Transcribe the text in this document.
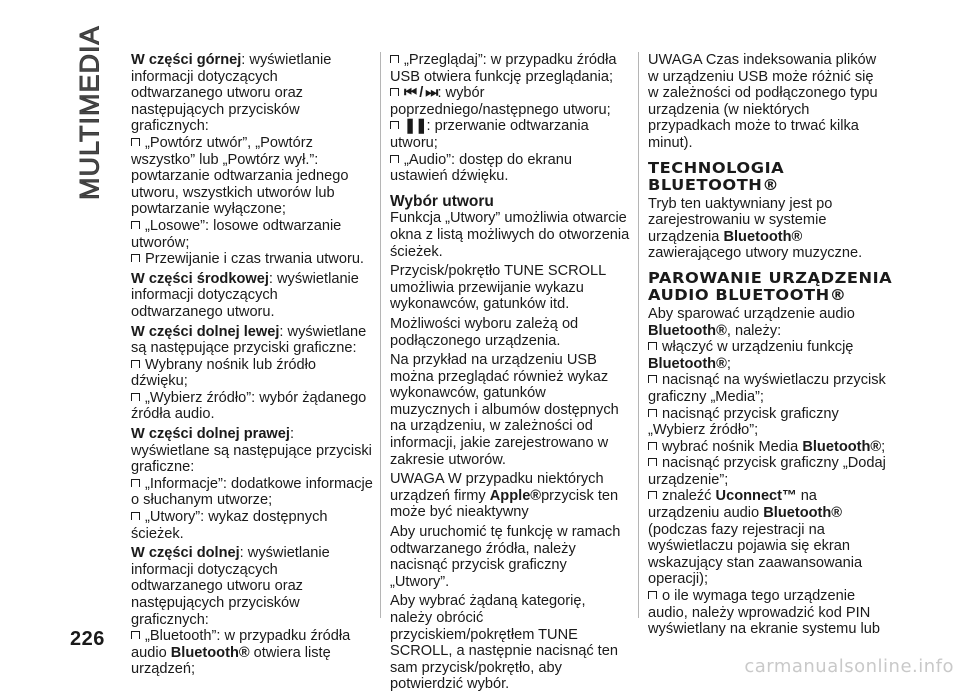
MULTIMEDIA W części górnej: wyświetlanie informacji dotyczących odtwarzanego utworu oraz następujących przycisków graficznych:

„Powtórz utwór”, „Powtórz wszystko” lub „Powtórz wył.”: powtarzanie odtwarzania jednego utworu, wszystkich utworów lub powtarzanie wyłączone;

„Losowe”: losowe odtwarzanie utworów;

Przewijanie i czas trwania utworu.

W części środkowej: wyświetlanie informacji dotyczących odtwarzanego utworu.

W części dolnej lewej: wyświetlane są następujące przyciski graficzne:

Wybrany nośnik lub źródło dźwięku;

„Wybierz źródło”: wybór żądanego źródła audio.

W części dolnej prawej: wyświetlane są następujące przyciski graficzne:

„Informacje”: dodatkowe informacje o słuchanym utworze;

„Utwory”: wykaz dostępnych ścieżek.

W części dolnej: wyświetlanie informacji dotyczących odtwarzanego utworu oraz następujących przycisków graficznych:

„Bluetooth”: w przypadku źródła audio Bluetooth® otwiera listę urządzeń;

„Przeglądaj”: w przypadku źródła USB otwiera funkcję przeglądania;

⏮ / ⏭: wybór poprzedniego/następnego utworu;

❚❚: przerwanie odtwarzania utworu;

„Audio”: dostęp do ekranu ustawień dźwięku.

Wybór utworu

Funkcja „Utwory” umożliwia otwarcie okna z listą możliwych do otworzenia ścieżek.

Przycisk/pokrętło TUNE SCROLL umożliwia przewijanie wykazu wykonawców, gatunków itd.

Możliwości wyboru zależą od podłączonego urządzenia.

Na przykład na urządzeniu USB można przeglądać również wykaz wykonawców, gatunków muzycznych i albumów dostępnych na urządzeniu, w zależności od informacji, jakie zarejestrowano w zakresie utworów.

UWAGA W przypadku niektórych urządzeń firmy Apple®przycisk ten może być nieaktywny

Aby uruchomić tę funkcję w ramach odtwarzanego źródła, należy nacisnąć przycisk graficzny „Utwory”.

Aby wybrać żądaną kategorię, należy obrócić przyciskiem/pokrętłem TUNE SCROLL, a następnie nacisnąć ten sam przycisk/pokrętło, aby potwierdzić wybór.

UWAGA Czas indeksowania plików w urządzeniu USB może różnić się w zależności od podłączonego typu urządzenia (w niektórych przypadkach może to trwać kilka minut).

TECHNOLOGIA BLUETOOTH®

Tryb ten uaktywniany jest po zarejestrowaniu w systemie urządzenia Bluetooth® zawierającego utwory muzyczne.

PAROWANIE URZĄDZENIA AUDIO BLUETOOTH®

Aby sparować urządzenie audio Bluetooth®, należy:

włączyć w urządzeniu funkcję Bluetooth®;

nacisnąć na wyświetlaczu przycisk graficzny „Media”;

nacisnąć przycisk graficzny „Wybierz źródło”;

wybrać nośnik Media Bluetooth®;

nacisnąć przycisk graficzny „Dodaj urządzenie”;

znaleźć Uconnect™ na urządzeniu audio Bluetooth® (podczas fazy rejestracji na wyświetlaczu pojawia się ekran wskazujący stan zaawansowania operacji);

o ile wymaga tego urządzenie audio, należy wprowadzić kod PIN wyświetlany na ekranie systemu lub

226
carmanualsonline.info
